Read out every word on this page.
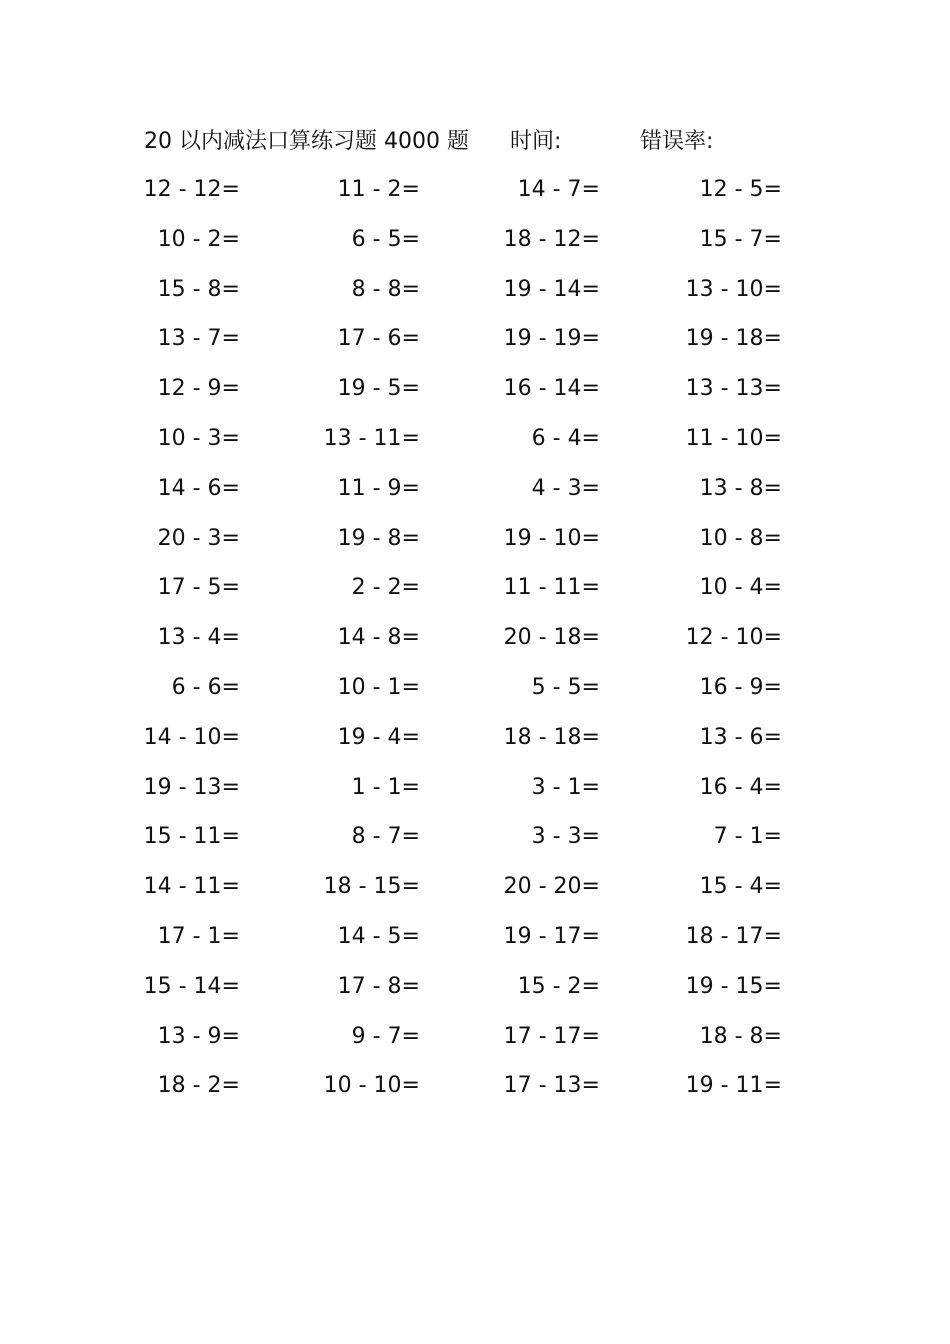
20 以内减法口算练习题 4000 题 时间:	错误率:
12 - 12=	11 - 2=	14 - 7=	12 - 5=
10 - 2=	6 - 5=	18 - 12=	15 - 7=
15 - 8=	8 - 8=	19 - 14=	13 - 10=
13 - 7=	17 - 6=	19 - 19=	19 - 18=
12 - 9=	19 - 5=	16 - 14=	13 - 13=
10 - 3=	13 - 11=	6 - 4=	11 - 10=
14 - 6=	11 - 9=	4 - 3=	13 - 8=
20 - 3=	19 - 8=	19 - 10=	10 - 8=
17 - 5=	2 - 2=	11 - 11=	10 - 4=
13 - 4=	14 - 8=	20 - 18=	12 - 10=
6 - 6=	10 - 1=	5 - 5=	16 - 9=
14 - 10=	19 - 4=	18 - 18=	13 - 6=
19 - 13=	1 - 1=	3 - 1=	16 - 4=
15 - 11=	8 - 7=	3 - 3=	7 - 1=
14 - 11=	18 - 15=	20 - 20=	15 - 4=
17 - 1=	14 - 5=	19 - 17=	18 - 17=
15 - 14=	17 - 8=	15 - 2=	19 - 15=
13 - 9=	9 - 7=	17 - 17=	18 - 8=
18 - 2=	10 - 10=	17 - 13=	19 - 11=
